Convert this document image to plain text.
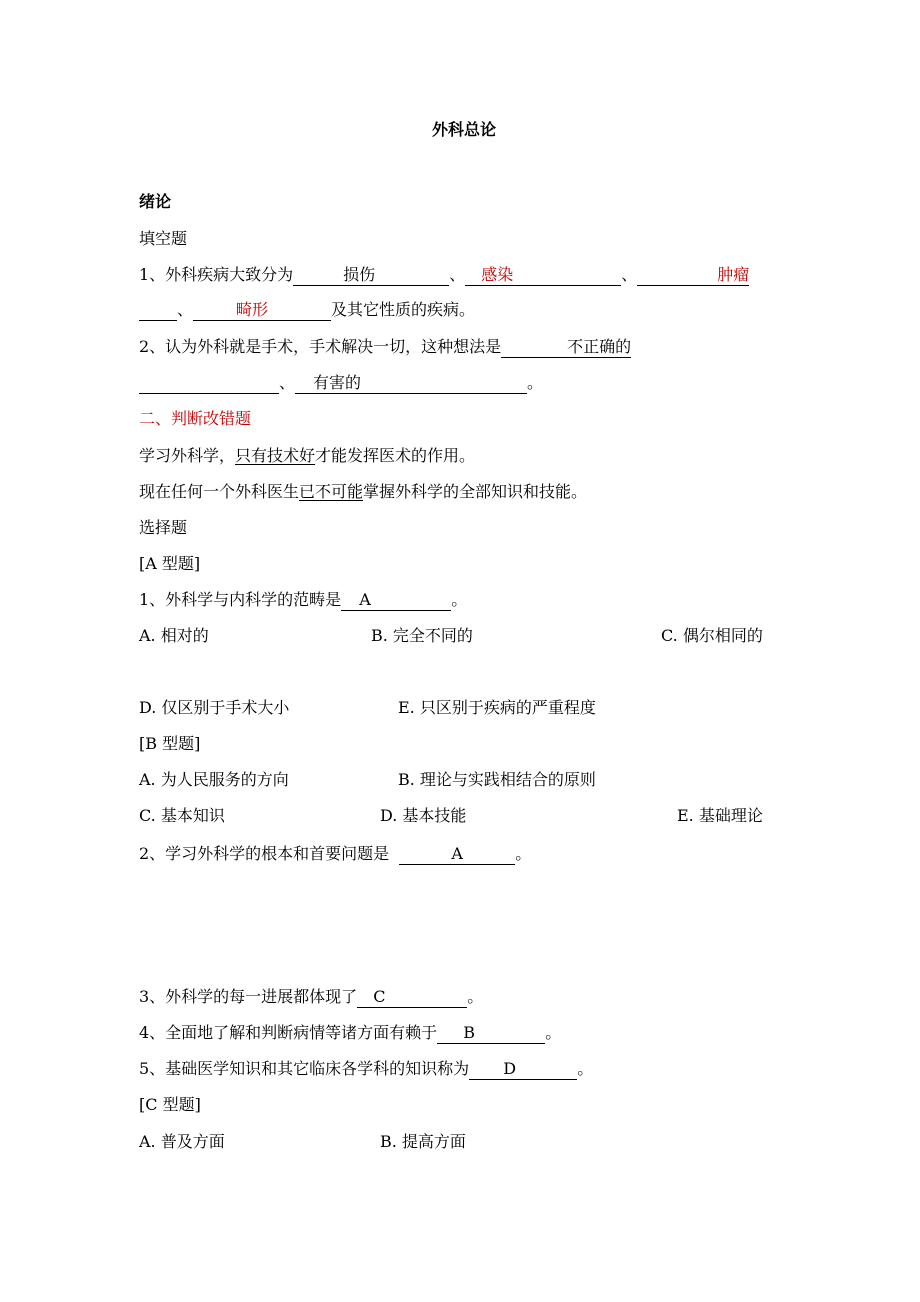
外科总论
绪论
填空题
1、外科疾病大致分为	损伤	、 感染	、	肿瘤
、	畸形	及其它性质的疾病。
2、认为外科就是手术，手术解决一切，这种想法是	不正确的
、 有害的	。
二、判断改错题
学习外科学，只有技术好才能发挥医术的作用。
现在任何一个外科医生已不可能掌握外科学的全部知识和技能。
选择题
[A 型题]
1、外科学与内科学的范畴是 A	。
A. 相对的	B. 完全不同的	C. 偶尔相同的
D. 仅区别于手术大小	E. 只区别于疾病的严重程度
[B 型题]
A. 为人民服务的方向	B. 理论与实践相结合的原则
C. 基本知识	D. 基本技能	E. 基础理论
2、学习外科学的根本和首要问题是	A	。
3、外科学的每一进展都体现了 C	。
4、全面地了解和判断病情等诸方面有赖于 B	。
5、基础医学知识和其它临床各学科的知识称为 D	。
[C 型题]
A. 普及方面	B. 提高方面
